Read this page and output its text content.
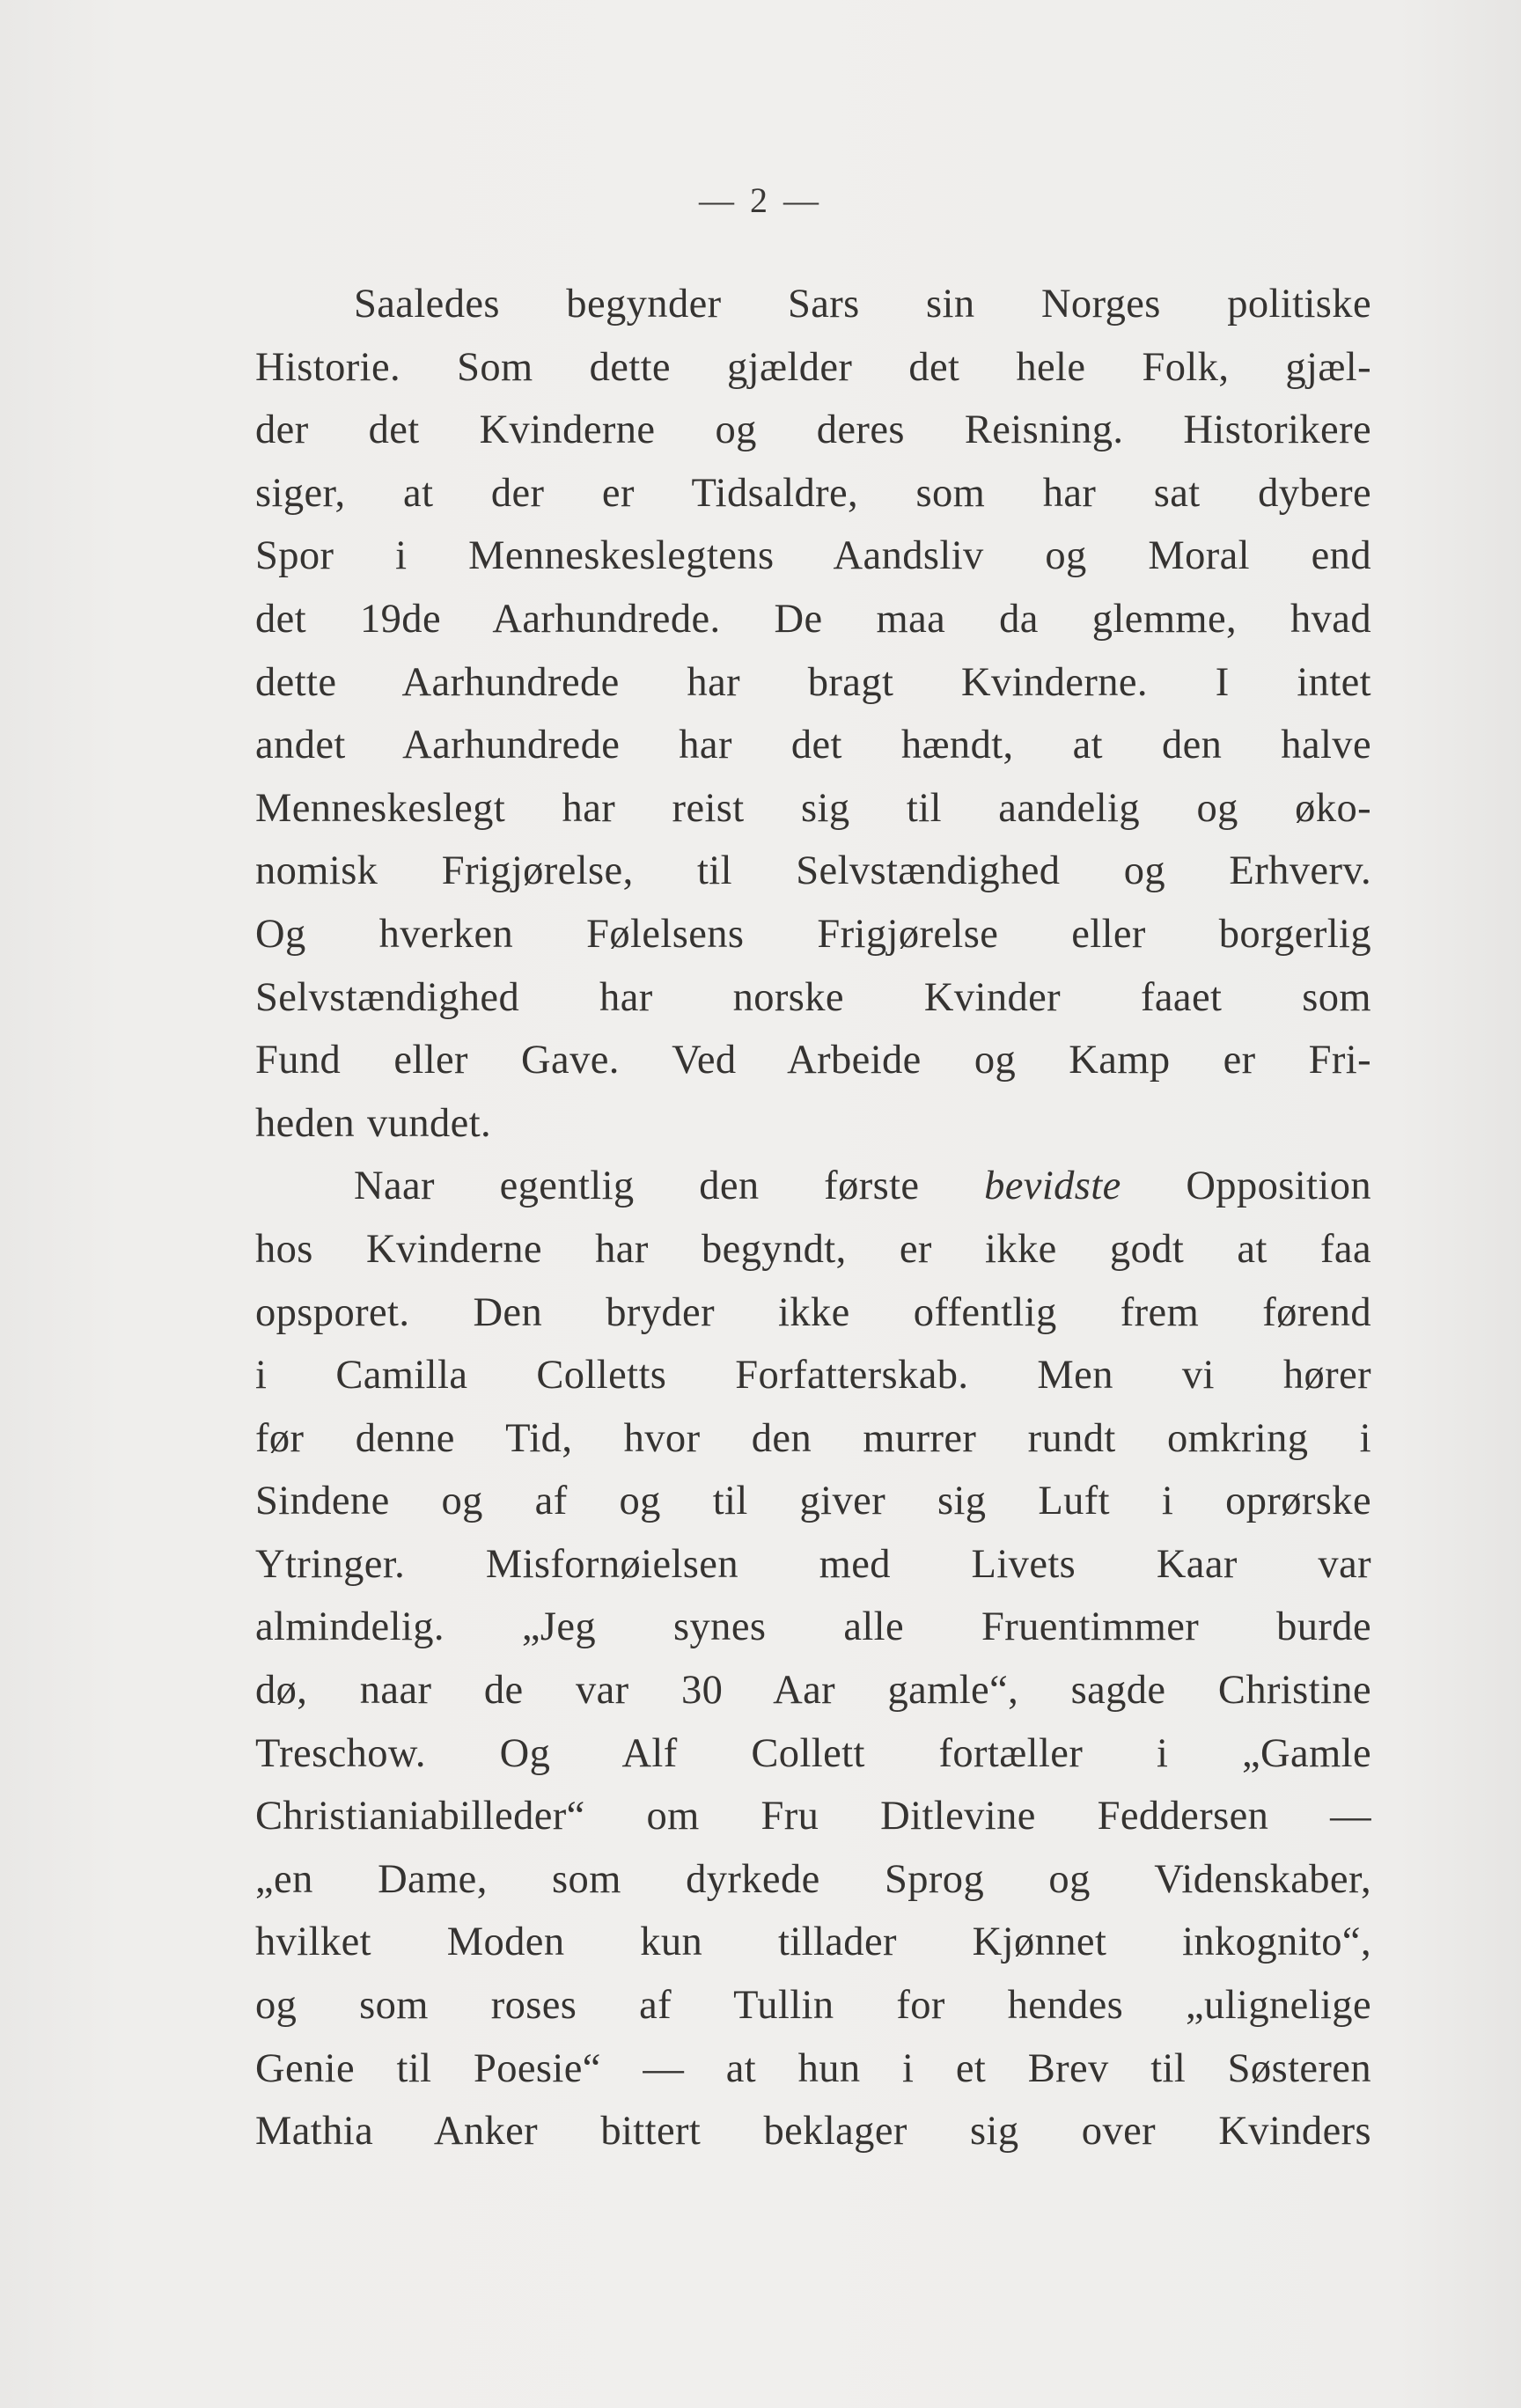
— 2 —
Saaledes begynder Sars sin Norges politiske
Historie. Som dette gjælder det hele Folk, gjæl-
der det Kvinderne og deres Reisning. Historikere
siger, at der er Tidsaldre, som har sat dybere
Spor i Menneskeslegtens Aandsliv og Moral end
det 19de Aarhundrede. De maa da glemme, hvad
dette Aarhundrede har bragt Kvinderne. I intet
andet Aarhundrede har det hændt, at den halve
Menneskeslegt har reist sig til aandelig og øko-
nomisk Frigjørelse, til Selvstændighed og Erhverv.
Og hverken Følelsens Frigjørelse eller borgerlig
Selvstændighed har norske Kvinder faaet som
Fund eller Gave. Ved Arbeide og Kamp er Fri-
heden vundet.
Naar egentlig den første bevidste Opposition
hos Kvinderne har begyndt, er ikke godt at faa
opsporet. Den bryder ikke offentlig frem førend
i Camilla Colletts Forfatterskab. Men vi hører
før denne Tid, hvor den murrer rundt omkring i
Sindene og af og til giver sig Luft i oprørske
Ytringer. Misfornøielsen med Livets Kaar var
almindelig. „Jeg synes alle Fruentimmer burde
dø, naar de var 30 Aar gamle“, sagde Christine
Treschow. Og Alf Collett fortæller i „Gamle
Christianiabilleder“ om Fru Ditlevine Feddersen —
„en Dame, som dyrkede Sprog og Videnskaber,
hvilket Moden kun tillader Kjønnet inkognito“,
og som roses af Tullin for hendes „ulignelige
Genie til Poesie“ — at hun i et Brev til Søsteren
Mathia Anker bittert beklager sig over Kvinders
